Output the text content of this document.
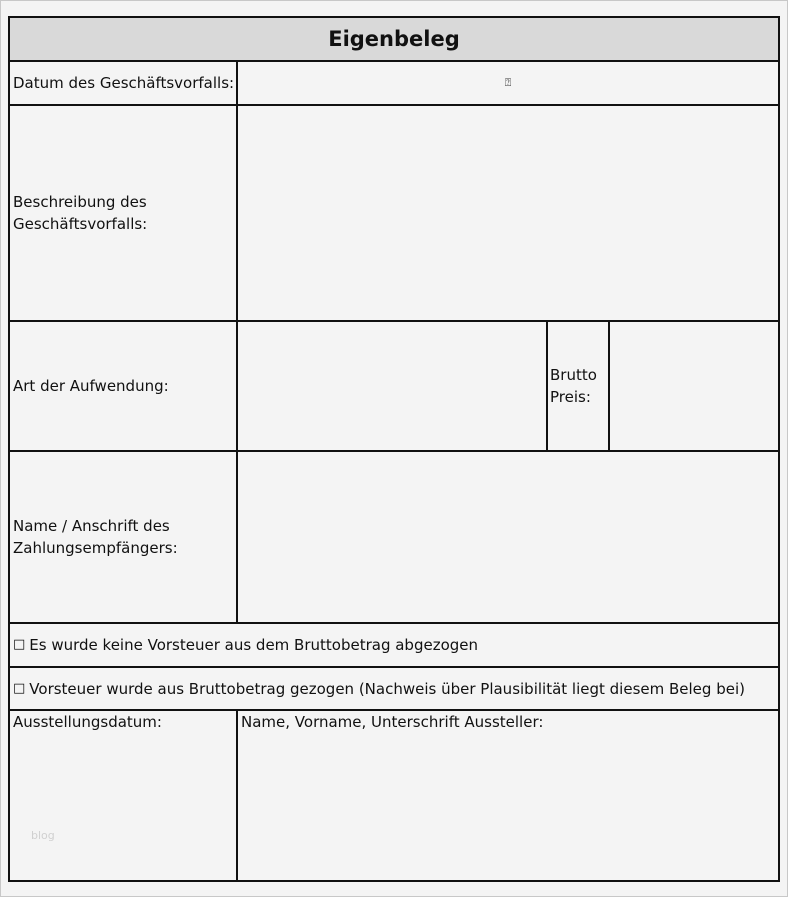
Eigenbeleg
Datum des Geschäftsvorfalls:	⍰
Beschreibung des
Geschäftsvorfalls:
Art der Aufwendung:
Brutto
Preis:
Name / Anschrift des
Zahlungsempfängers:
□ Es wurde keine Vorsteuer aus dem Bruttobetrag abgezogen
□ Vorsteuer wurde aus Bruttobetrag gezogen (Nachweis über Plausibilität liegt diesem Beleg bei)
Ausstellungsdatum:	Name, Vorname, Unterschrift Aussteller:
blog
